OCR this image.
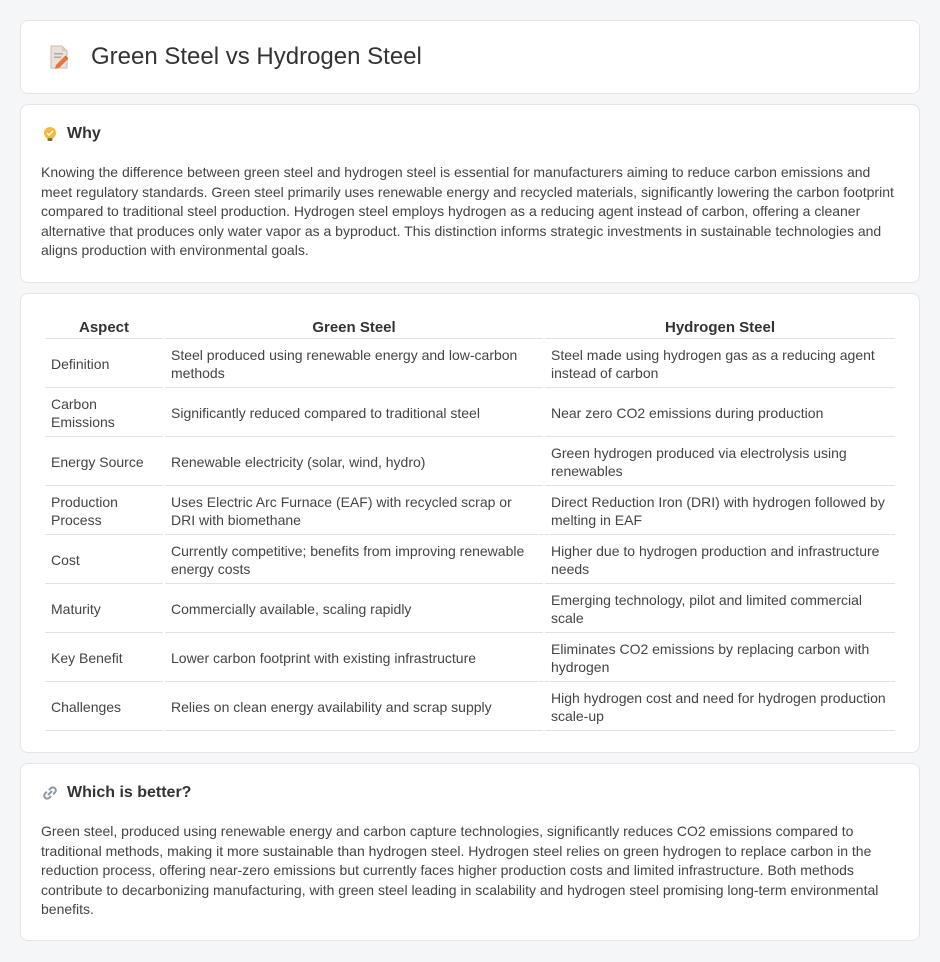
Green Steel vs Hydrogen Steel
Why

Knowing the difference between green steel and hydrogen steel is essential for manufacturers aiming to reduce carbon emissions and meet regulatory standards. Green steel primarily uses renewable energy and recycled materials, significantly lowering the carbon footprint compared to traditional steel production. Hydrogen steel employs hydrogen as a reducing agent instead of carbon, offering a cleaner alternative that produces only water vapor as a byproduct. This distinction informs strategic investments in sustainable technologies and aligns production with environmental goals.

Aspect	Green Steel	Hydrogen Steel
Definition	Steel produced using renewable energy and low-carbon methods	Steel made using hydrogen gas as a reducing agent instead of carbon
Carbon Emissions	Significantly reduced compared to traditional steel	Near zero CO2 emissions during production
Energy Source	Renewable electricity (solar, wind, hydro)	Green hydrogen produced via electrolysis using renewables
Production Process	Uses Electric Arc Furnace (EAF) with recycled scrap or DRI with biomethane	Direct Reduction Iron (DRI) with hydrogen followed by melting in EAF
Cost	Currently competitive; benefits from improving renewable energy costs	Higher due to hydrogen production and infrastructure needs
Maturity	Commercially available, scaling rapidly	Emerging technology, pilot and limited commercial scale
Key Benefit	Lower carbon footprint with existing infrastructure	Eliminates CO2 emissions by replacing carbon with hydrogen
Challenges	Relies on clean energy availability and scrap supply	High hydrogen cost and need for hydrogen production scale-up
Which is better?

Green steel, produced using renewable energy and carbon capture technologies, significantly reduces CO2 emissions compared to traditional methods, making it more sustainable than hydrogen steel. Hydrogen steel relies on green hydrogen to replace carbon in the reduction process, offering near-zero emissions but currently faces higher production costs and limited infrastructure. Both methods contribute to decarbonizing manufacturing, with green steel leading in scalability and hydrogen steel promising long-term environmental benefits.
